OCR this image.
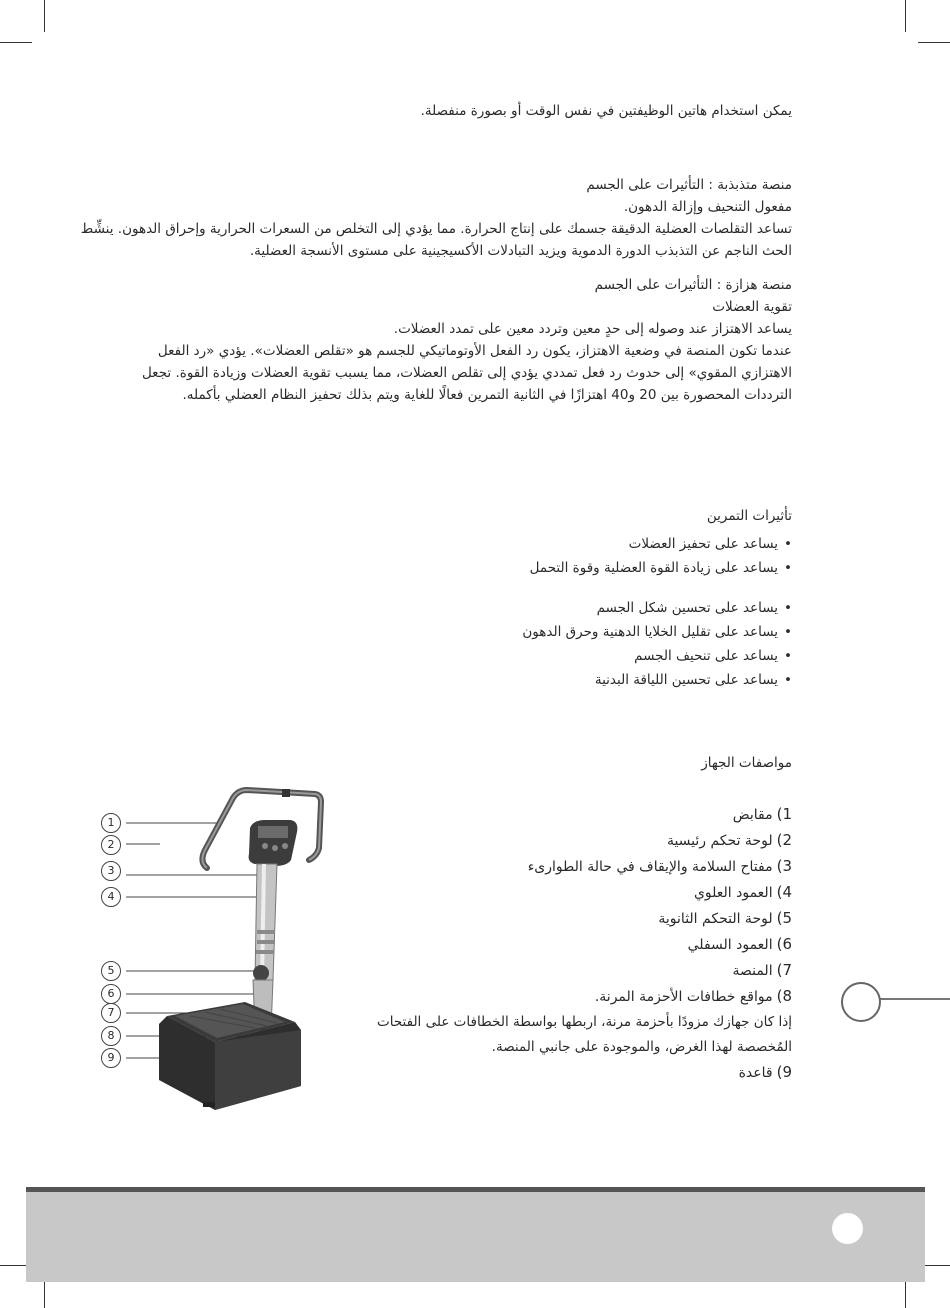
يمكن استخدام هاتين الوظيفتين في نفس الوقت أو بصورة منفصلة.
منصة متذبذبة : التأثيرات على الجسم
مفعول التنحيف وإزالة الدهون.
تساعد التقلصات العضلية الدقيقة جسمك على إنتاج الحرارة. مما يؤدي إلى التخلص من السعرات الحرارية وإحراق الدهون. ينشِّط
الحث الناجم عن التذبذب الدورة الدموية ويزيد التبادلات الأكسيجينية على مستوى الأنسجة العضلية.
منصة هزازة : التأثيرات على الجسم
تقوية العضلات
يساعد الاهتزاز عند وصوله إلى حدٍ معين وتردد معين على تمدد العضلات.
عندما تكون المنصة في وضعية الاهتزاز، يكون رد الفعل الأوتوماتيكي للجسم هو «تقلص العضلات». يؤدي «رد الفعل
الاهتزازي المقوي» إلى حدوث رد فعل تمددي يؤدي إلى تقلص العضلات، مما يسبب تقوية العضلات وزيادة القوة. تجعل
الترددات المحصورة بين 20 و40 اهتزازًا في الثانية التمرين فعالًا للغاية ويتم بذلك تحفيز النظام العضلي بأكمله.
تأثيرات التمرين
• يساعد على تحفيز العضلات
• يساعد على زيادة القوة العضلية وقوة التحمل
• يساعد على تحسين شكل الجسم
• يساعد على تقليل الخلايا الدهنية وحرق الدهون
• يساعد على تنحيف الجسم
• يساعد على تحسين اللياقة البدنية
مواصفات الجهاز
1)مقابض
2)لوحة تحكم رئيسية
3)مفتاح السلامة والإيقاف في حالة الطوارىء
4)العمود العلوي
5)لوحة التحكم الثانوية
6)العمود السفلي
7)المنصة
8)مواقع خطافات الأحزمة المرنة.
إذا كان جهازك مزودًا بأحزمة مرنة، اربطها بواسطة الخطافات على الفتحات
المُخصصة لهذا الغرض، والموجودة على جانبي المنصة.
9)قاعدة
1
2
3
4
5
6
7
8
9
